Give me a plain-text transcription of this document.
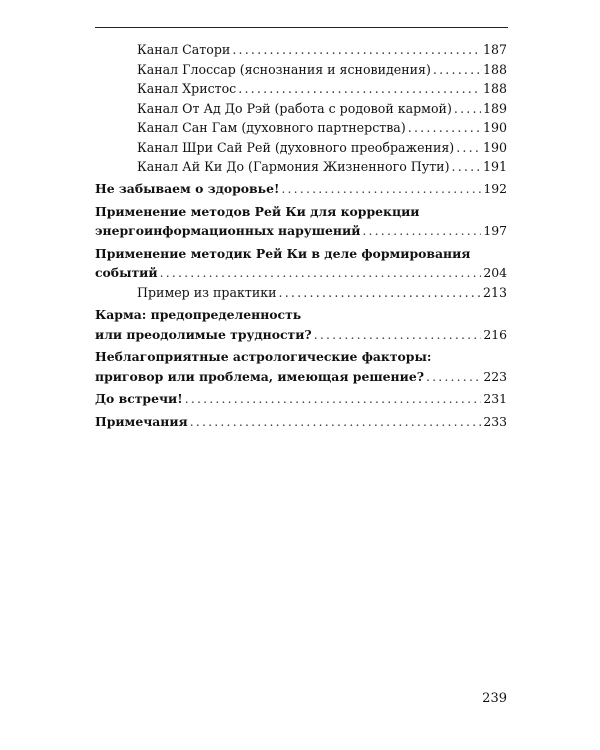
Канал Сатори .....	187
Канал Глоссар (яснознания и ясновидения) .....	188
Канал Христос .....	188
Канал От Ад До Рэй (работа с родовой кармой) ..... 189
Канал Сан Гам (духовного партнерства) .....	190
Канал Шри Сай Рей (духовного преображения) ..... 190
Канал Ай Ки До (Гармония Жизненного Пути) .....	191
Не забываем о здоровье! .....	192
Применение методов Рей Ки для коррекции
энергоинформационных нарушений .....	197
Применение методик Рей Ки в деле формирования
событий .....	204
Пример из практики .....	213
Карма: предопределенность
или преодолимые трудности? .....	216
Неблагоприятные астрологические факторы:
приговор или проблема, имеющая решение? .....	223
До встречи! .....	231
Примечания .....	233
239
